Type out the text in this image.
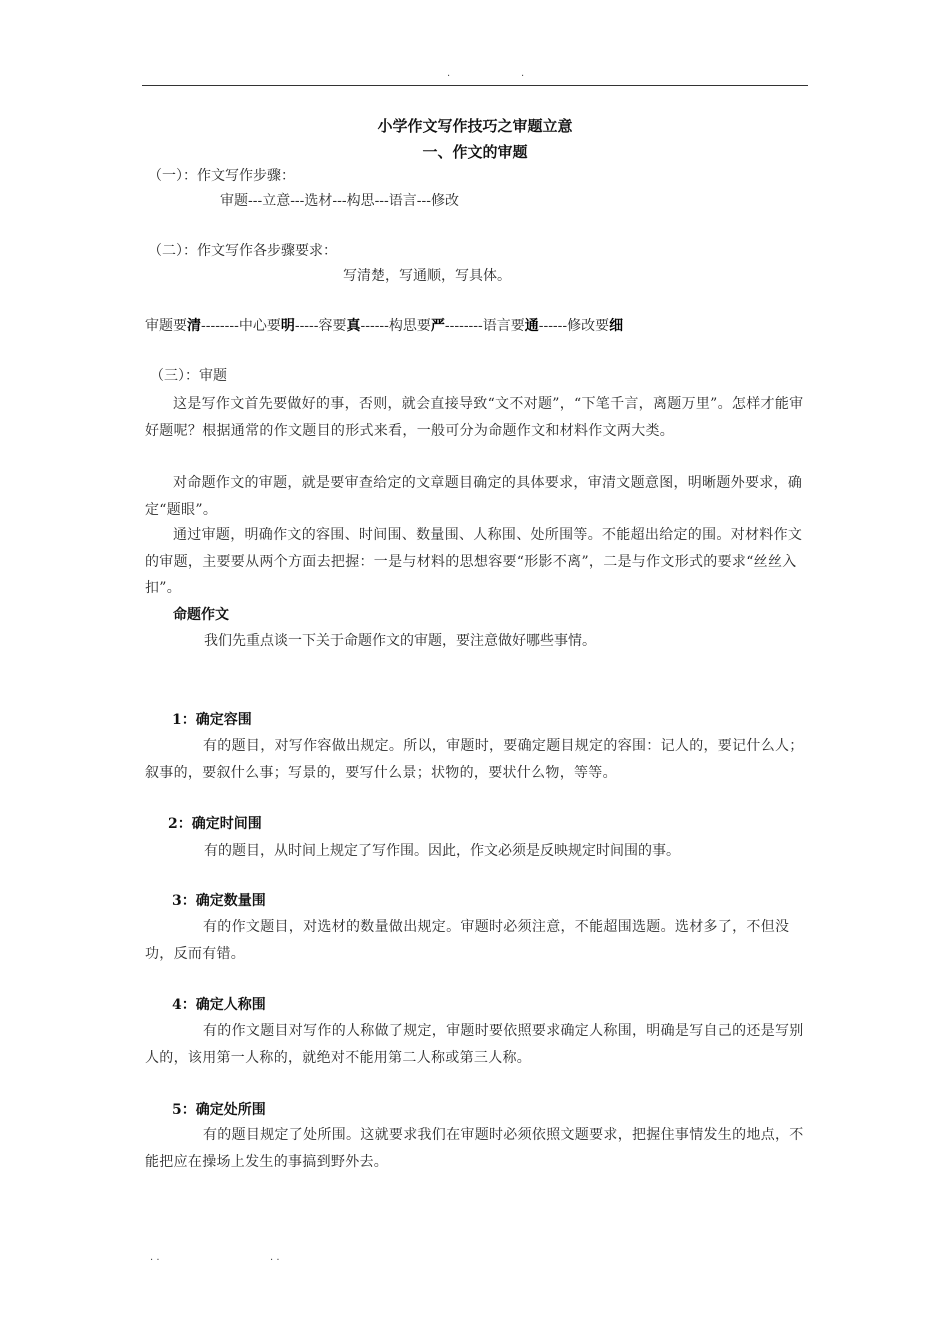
.	.
小学作文写作技巧之审题立意
一、作文的审题
（一）：作文写作步骤：
审题---立意---选材---构思---语言---修改
（二）：作文写作各步骤要求：
写清楚，写通顺，写具体。
审题要清--------中心要明-----容要真------构思要严--------语言要通------修改要细
（三）：审题
这是写作文首先要做好的事，否则，就会直接导致“文不对题”，“下笔千言，离题万里”。怎样才能审好题呢？根据通常的作文题目的形式来看，一般可分为命题作文和材料作文两大类。
对命题作文的审题，就是要审查给定的文章题目确定的具体要求，审清文题意图，明晰题外要求，确定“题眼”。
通过审题，明确作文的容围、时间围、数量围、人称围、处所围等。不能超出给定的围。对材料作文的审题，主要要从两个方面去把握：一是与材料的思想容要“形影不离”，二是与作文形式的要求“丝丝入扣”。
命题作文
我们先重点谈一下关于命题作文的审题，要注意做好哪些事情。
1：确定容围
有的题目，对写作容做出规定。所以，审题时，要确定题目规定的容围：记人的，要记什么人；叙事的，要叙什么事；写景的，要写什么景；状物的，要状什么物，等等。
2：确定时间围
有的题目，从时间上规定了写作围。因此，作文必须是反映规定时间围的事。
3：确定数量围
有的作文题目，对选材的数量做出规定。审题时必须注意，不能超围选题。选材多了，不但没功，反而有错。
4：确定人称围
有的作文题目对写作的人称做了规定，审题时要依照要求确定人称围，明确是写自己的还是写别人的，该用第一人称的，就绝对不能用第二人称或第三人称。
5：确定处所围
有的题目规定了处所围。这就要求我们在审题时必须依照文题要求，把握住事情发生的地点，不能把应在操场上发生的事搞到野外去。
. .	. .
